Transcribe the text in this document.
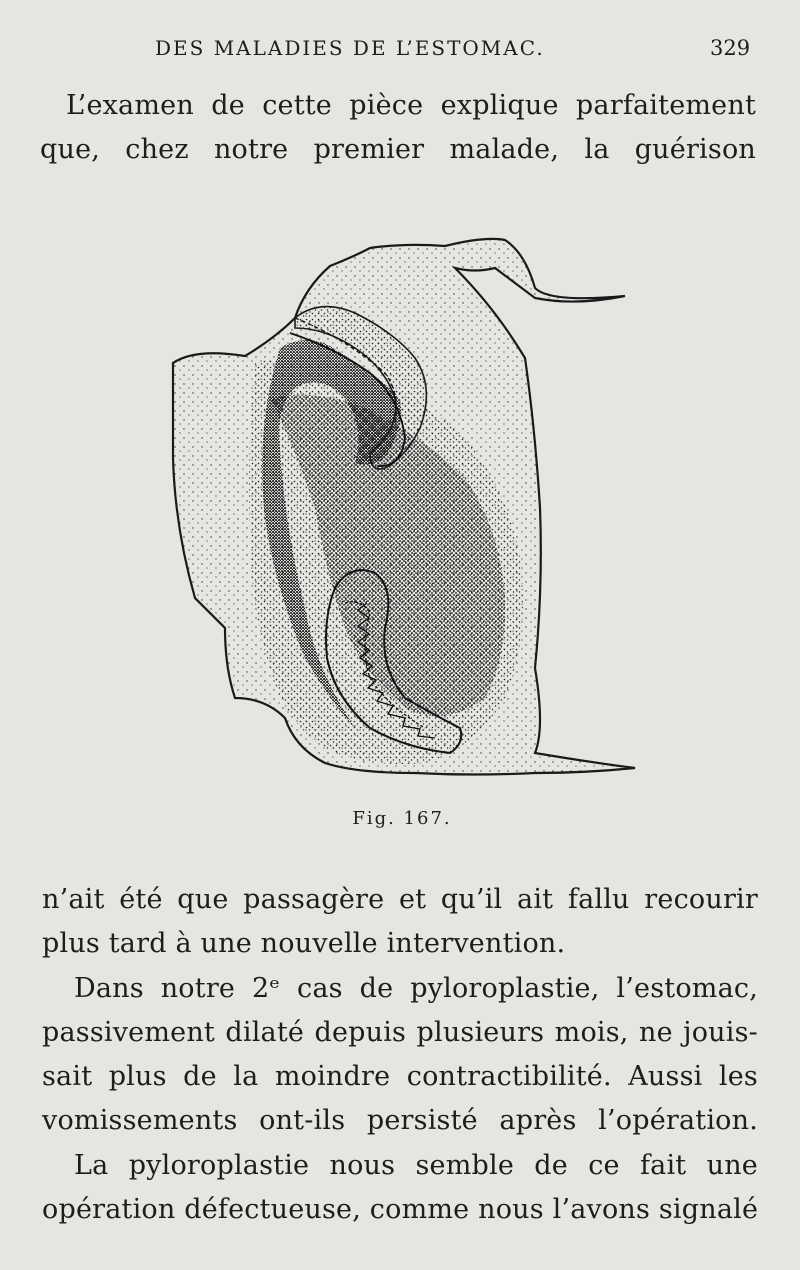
DES MALADIES DE L’ESTOMAC.	329
L’examen de cette pièce explique parfaitement
que, chez notre premier malade, la guérison
Fig. 167.
n’ait été que passagère et qu’il ait fallu recourir
plus tard à une nouvelle intervention.
Dans notre 2ᵉ cas de pyloroplastie, l’estomac,
passivement dilaté depuis plusieurs mois, ne jouis-
sait plus de la moindre contractibilité. Aussi les
vomissements ont-ils persisté après l’opération.
La pyloroplastie nous semble de ce fait une
opération défectueuse, comme nous l’avons signalé
